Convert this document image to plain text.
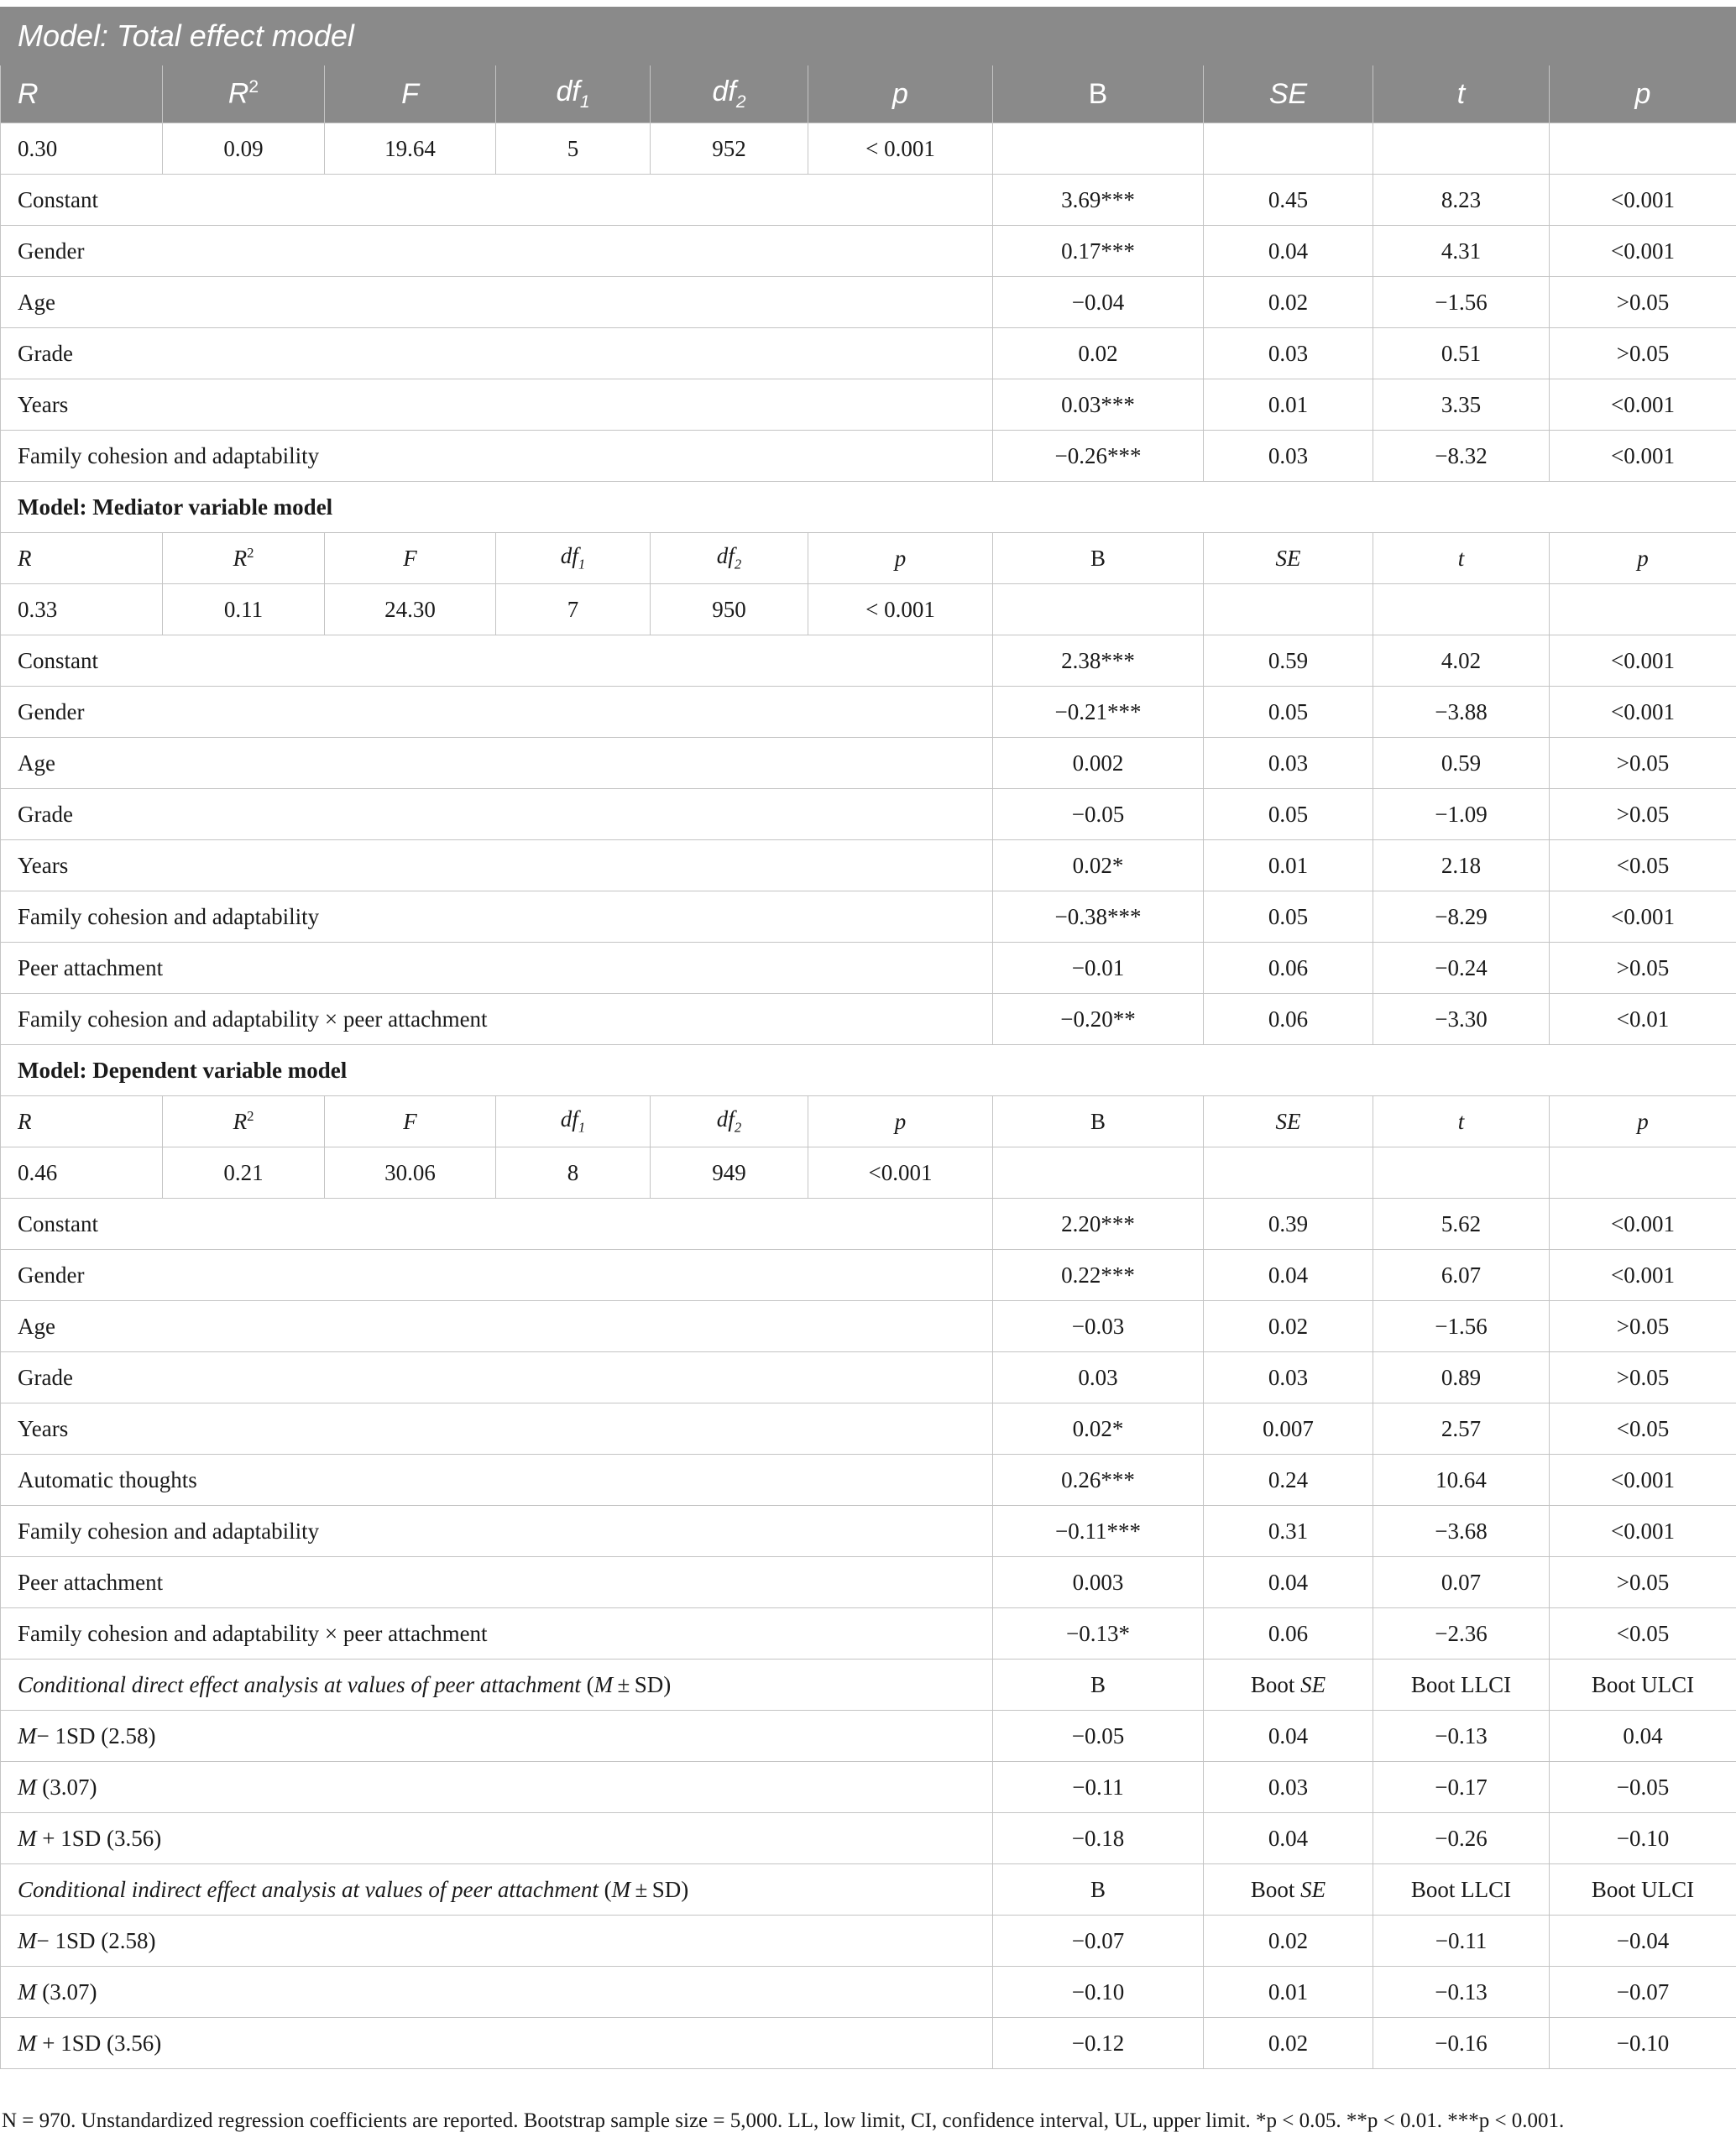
Model: Total effect model									
R	$R^2$	F	$df_1$	$df_2$	p	B	SE	t	p
0.30	0.09	19.64	5	952	< 0.001				
Constant						3.69***	0.45	8.23	<0.001
Gender						0.17***	0.04	4.31	<0.001
Age						−0.04	0.02	−1.56	>0.05
Grade						0.02	0.03	0.51	>0.05
Years						0.03***	0.01	3.35	<0.001
Family cohesion and adaptability						−0.26***	0.03	−8.32	<0.001
Model: Mediator variable model									
R	$R^2$	F	$df_1$	$df_2$	p	B	SE	t	p
0.33	0.11	24.30	7	950	< 0.001				
Constant						2.38***	0.59	4.02	<0.001
Gender						−0.21***	0.05	−3.88	<0.001
Age						0.002	0.03	0.59	>0.05
Grade						−0.05	0.05	−1.09	>0.05
Years						0.02*	0.01	2.18	<0.05
Family cohesion and adaptability						−0.38***	0.05	−8.29	<0.001
Peer attachment						−0.01	0.06	−0.24	>0.05
Family cohesion and adaptability × peer attachment						−0.20**	0.06	−3.30	<0.01
Model: Dependent variable model									
R	$R^2$	F	$df_1$	$df_2$	p	B	SE	t	p
0.46	0.21	30.06	8	949	<0.001				
Constant						2.20***	0.39	5.62	<0.001
Gender						0.22***	0.04	6.07	<0.001
Age						−0.03	0.02	−1.56	>0.05
Grade						0.03	0.03	0.89	>0.05
Years						0.02*	0.007	2.57	<0.05
Automatic thoughts						0.26***	0.24	10.64	<0.001
Family cohesion and adaptability						−0.11***	0.31	−3.68	<0.001
Peer attachment						0.003	0.04	0.07	>0.05
Family cohesion and adaptability × peer attachment						−0.13*	0.06	−2.36	<0.05
Conditional direct effect analysis at values of peer attachment (M ± SD)						B	Boot SE	Boot LLCI	Boot ULCI
M− 1SD (2.58)						−0.05	0.04	−0.13	0.04
M (3.07)						−0.11	0.03	−0.17	−0.05
M + 1SD (3.56)						−0.18	0.04	−0.26	−0.10
Conditional indirect effect analysis at values of peer attachment (M ± SD)						B	Boot SE	Boot LLCI	Boot ULCI
M− 1SD (2.58)						−0.07	0.02	−0.11	−0.04
M (3.07)						−0.10	0.01	−0.13	−0.07
M + 1SD (3.56)						−0.12	0.02	−0.16	−0.10
N = 970. Unstandardized regression coefficients are reported. Bootstrap sample size = 5,000. LL, low limit, CI, confidence interval, UL, upper limit. *p < 0.05. **p < 0.01. ***p < 0.001.
